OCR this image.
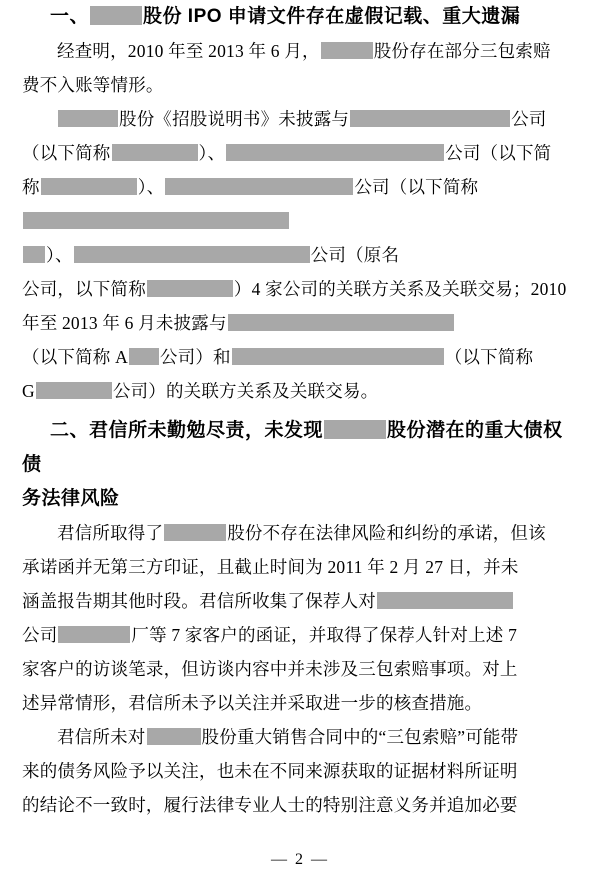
一、	股份 IPO 申请文件存在虚假记载、重大遗漏
经查明，2010 年至 2013 年 6 月，	股份存在部分三包索赔
费不入账等情形。
股份《招股说明书》未披露与	公司
（以下简称	）、	公司（以下简
称	）、	公司（以下简称
）、	公司（原名
公司，以下简称	）4 家公司的关联方关系及关联交易；2010
年至 2013 年 6 月未披露与
（以下简称 A 公司）和	（以下简称
G	公司）的关联方关系及关联交易。
二、君信所未勤勉尽责，未发现	股份潜在的重大债权债
务法律风险
君信所取得了	股份不存在法律风险和纠纷的承诺，但该
承诺函并无第三方印证，且截止时间为 2011 年 2 月 27 日，并未
涵盖报告期其他时段。君信所收集了保荐人对
公司	厂等 7 家客户的函证，并取得了保荐人针对上述 7
家客户的访谈笔录，但访谈内容中并未涉及三包索赔事项。对上
述异常情形，君信所未予以关注并采取进一步的核查措施。
君信所未对	股份重大销售合同中的“三包索赔”可能带
来的债务风险予以关注，也未在不同来源获取的证据材料所证明
的结论不一致时，履行法律专业人士的特别注意义务并追加必要
— 2 —
